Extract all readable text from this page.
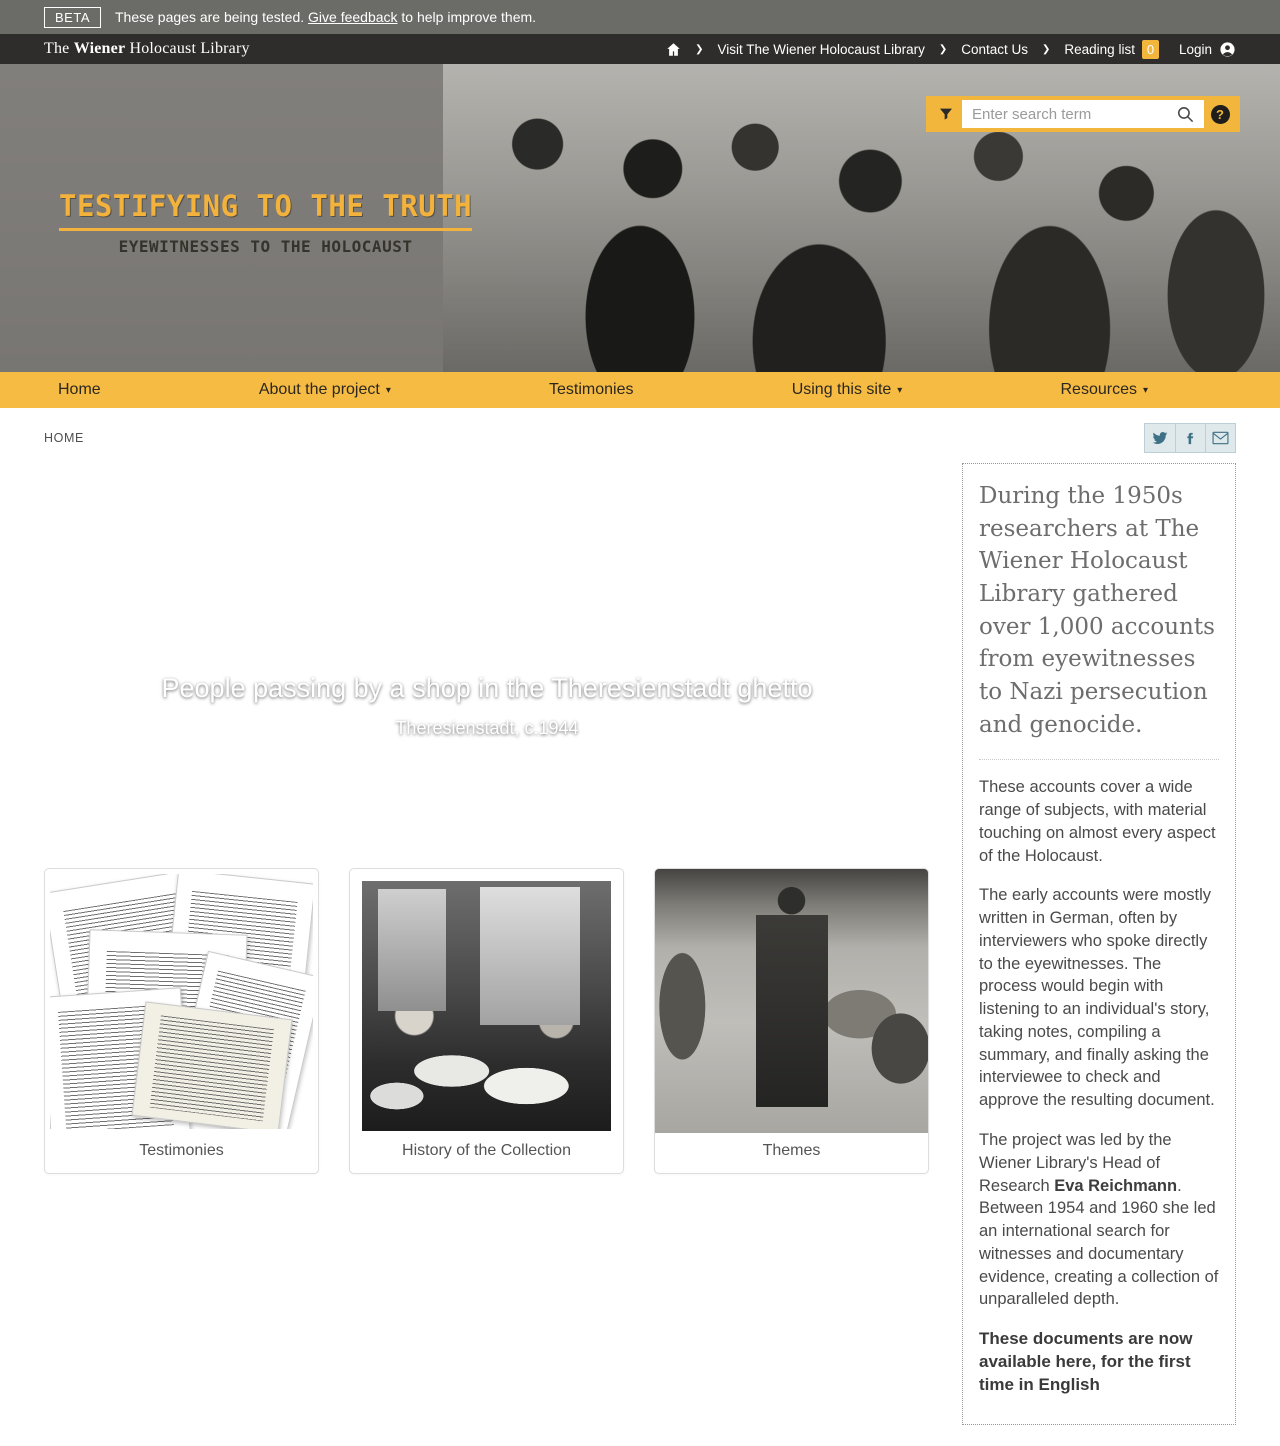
BETA	These pages are being tested. Give feedback to help improve them.
The Wiener Holocaust Library	❯ Visit The Wiener Holocaust Library ❯ Contact Us ❯ Reading list 0	Login
TESTIFYING TO THE TRUTH
EYEWITNESSES TO THE HOLOCAUST
Enter search term
?
Home	About the project ▾	Testimonies	Using this site ▾	Resources ▾
HOME
People passing by a shop in the Theresienstadt ghetto
Theresienstadt, c.1944
Testimonies	History of the Collection	Themes
During the 1950s researchers at The Wiener Holocaust Library gathered over 1,000 accounts from eyewitnesses to Nazi persecution and genocide.

These accounts cover a wide range of subjects, with material touching on almost every aspect of the Holocaust.

The early accounts were mostly written in German, often by interviewers who spoke directly to the eyewitnesses. The process would begin with listening to an individual's story, taking notes, compiling a summary, and finally asking the interviewee to check and approve the resulting document.

The project was led by the Wiener Library's Head of Research Eva Reichmann. Between 1954 and 1960 she led an international search for witnesses and documentary evidence, creating a collection of unparalleled depth.

These documents are now available here, for the first time in English
